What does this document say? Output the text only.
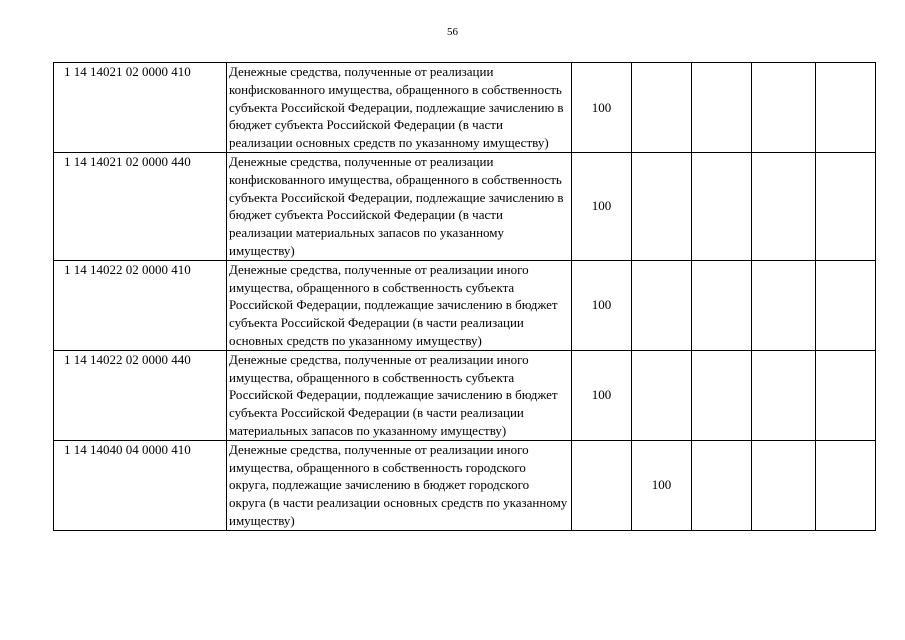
56
1 14 14021 02 0000 410	Денежные средства, полученные от реализации конфискованного имущества, обращенного в собственность субъекта Российской Федерации, подлежащие зачислению в бюджет субъекта Российской Федерации (в части реализации основных средств по указанному имуществу)	100				
1 14 14021 02 0000 440	Денежные средства, полученные от реализации конфискованного имущества, обращенного в собственность субъекта Российской Федерации, подлежащие зачислению в бюджет субъекта Российской Федерации (в части реализации материальных запасов по указанному имуществу)	100				
1 14 14022 02 0000 410	Денежные средства, полученные от реализации иного имущества, обращенного в собственность субъекта Российской Федерации, подлежащие зачислению в бюджет субъекта Российской Федерации (в части реализации основных средств по указанному имуществу)	100				
1 14 14022 02 0000 440	Денежные средства, полученные от реализации иного имущества, обращенного в собственность субъекта Российской Федерации, подлежащие зачислению в бюджет субъекта Российской Федерации (в части реализации материальных запасов по указанному имуществу)	100				
1 14 14040 04 0000 410	Денежные средства, полученные от реализации иного имущества, обращенного в собственность городского округа, подлежащие зачислению в бюджет городского округа (в части реализации основных средств по указанному имуществу)		100			
